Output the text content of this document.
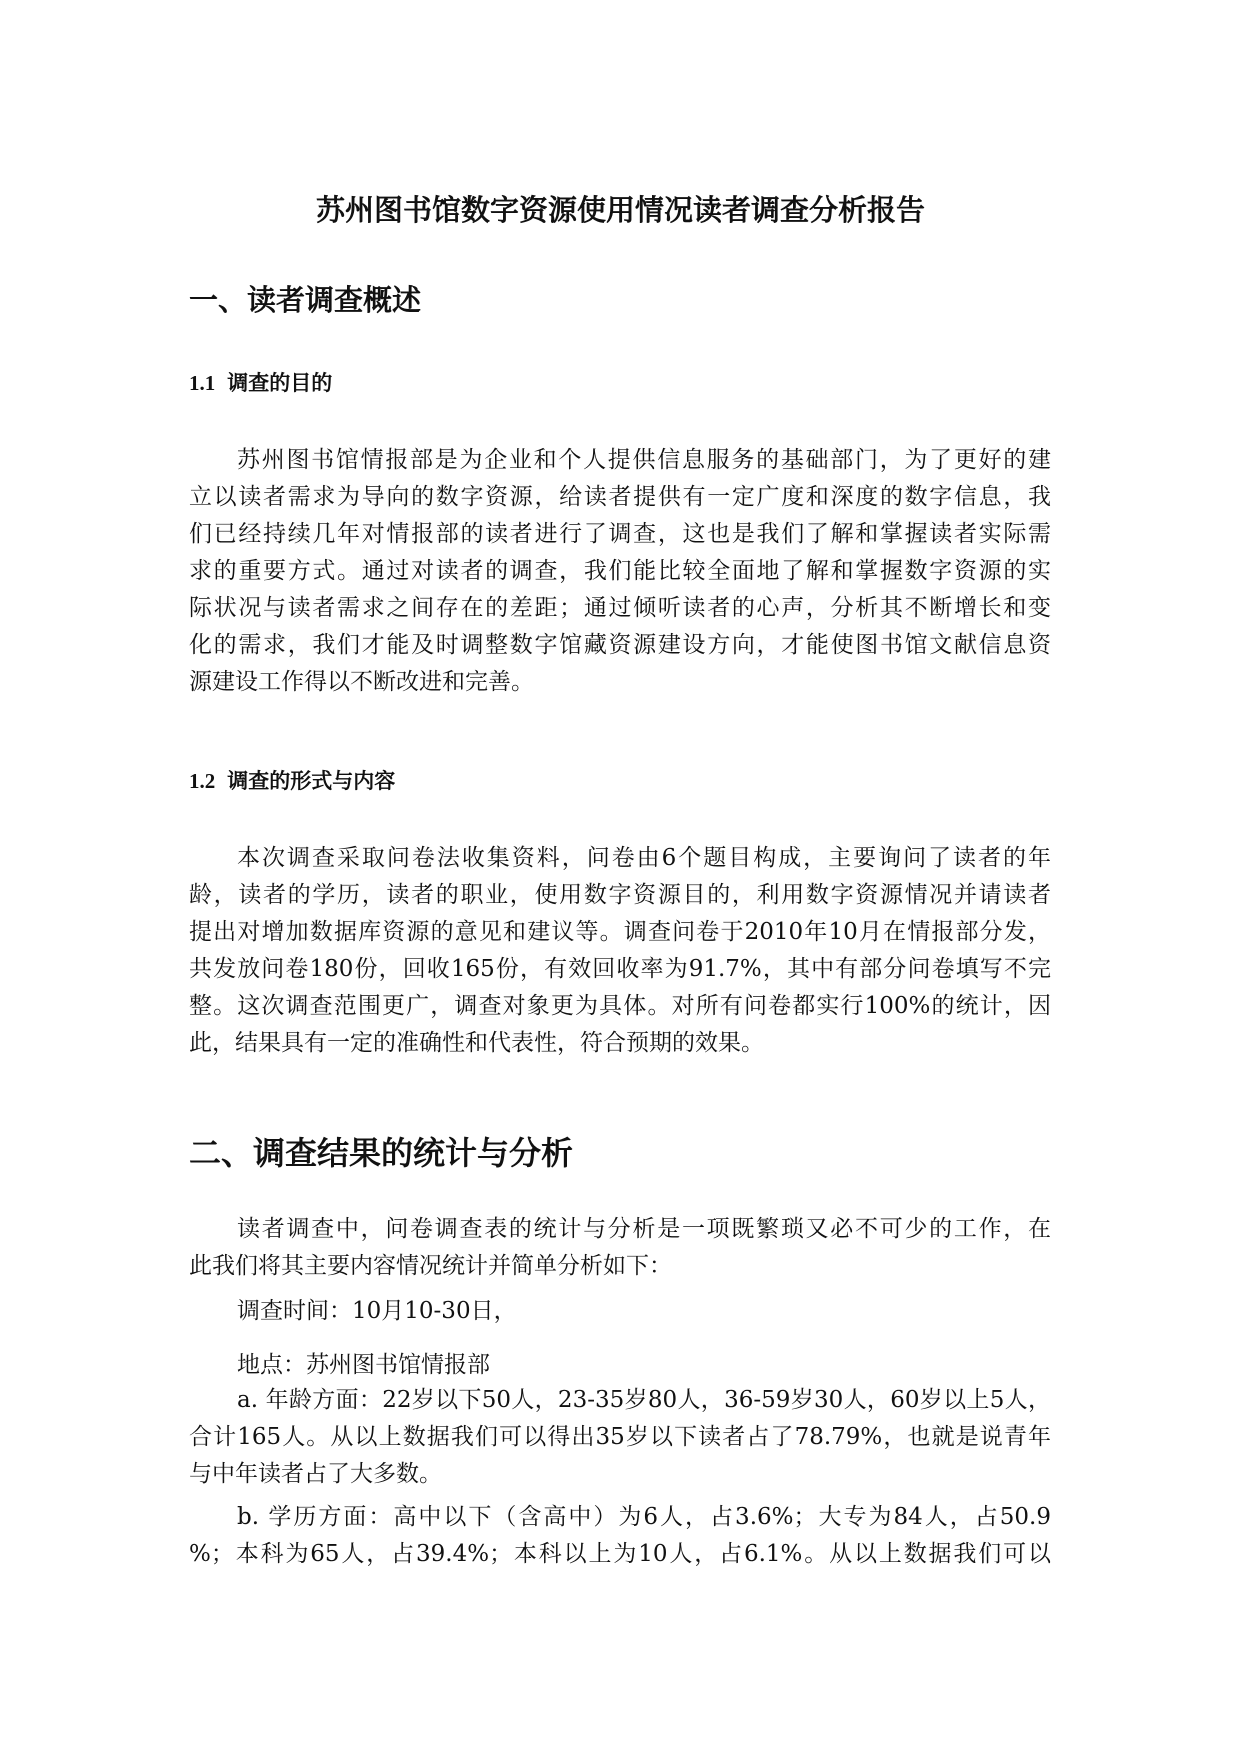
苏州图书馆数字资源使用情况读者调查分析报告
一、读者调查概述
1.1 调查的目的
苏州图书馆情报部是为企业和个人提供信息服务的基础部门，为了更好的建
立以读者需求为导向的数字资源，给读者提供有一定广度和深度的数字信息，我
们已经持续几年对情报部的读者进行了调查，这也是我们了解和掌握读者实际需
求的重要方式。通过对读者的调查，我们能比较全面地了解和掌握数字资源的实
际状况与读者需求之间存在的差距；通过倾听读者的心声，分析其不断增长和变
化的需求，我们才能及时调整数字馆藏资源建设方向，才能使图书馆文献信息资
源建设工作得以不断改进和完善。
1.2 调查的形式与内容
本次调查采取问卷法收集资料，问卷由6个题目构成，主要询问了读者的年
龄，读者的学历，读者的职业，使用数字资源目的，利用数字资源情况并请读者
提出对增加数据库资源的意见和建议等。调查问卷于2010年10月在情报部分发，
共发放问卷180份，回收165份，有效回收率为91.7%，其中有部分问卷填写不完
整。这次调查范围更广，调查对象更为具体。对所有问卷都实行100%的统计，因
此，结果具有一定的准确性和代表性，符合预期的效果。
二、调查结果的统计与分析
读者调查中，问卷调查表的统计与分析是一项既繁琐又必不可少的工作，在
此我们将其主要内容情况统计并简单分析如下：

调查时间：10月10-30日，

地点：苏州图书馆情报部

a. 年龄方面：22岁以下50人，23-35岁80人，36-59岁30人，60岁以上5人，
合计165人。从以上数据我们可以得出35岁以下读者占了78.79%，也就是说青年
与中年读者占了大多数。
b. 学历方面：高中以下（含高中）为6人，占3.6%；大专为84人，占50.9
%；本科为65人，占39.4%；本科以上为10人，占6.1%。从以上数据我们可以
